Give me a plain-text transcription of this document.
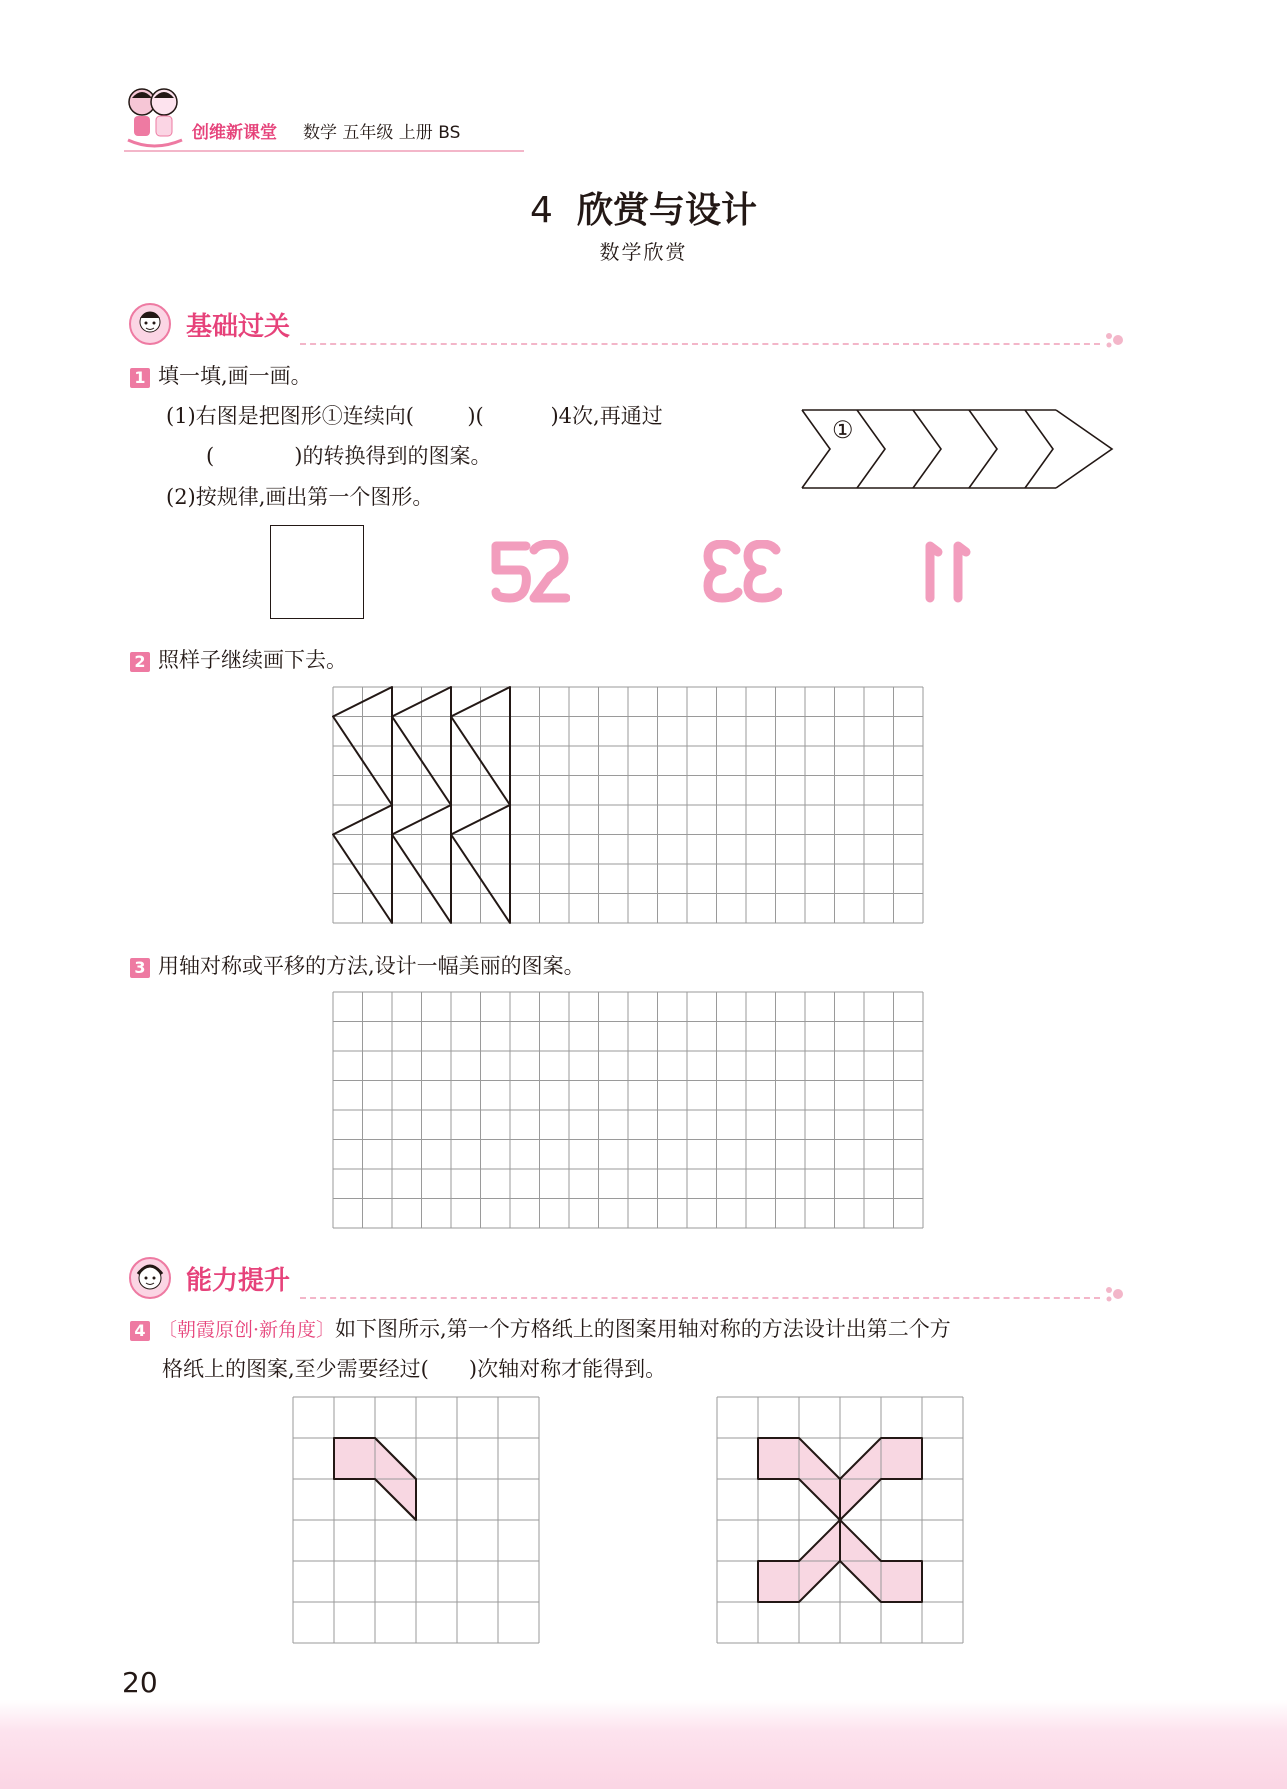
创维新课堂 数学 五年级 上册 BS
4 欣赏与设计
数学欣赏
基础过关
1 填一填,画一画。
(1)右图是把图形①连续向(        )(          )4次,再通过
(            )的转换得到的图案。
(2)按规律,画出第一个图形。
①
2 照样子继续画下去。
3 用轴对称或平移的方法,设计一幅美丽的图案。
能力提升
4 〔朝霞原创·新角度〕如下图所示,第一个方格纸上的图案用轴对称的方法设计出第二个方
格纸上的图案,至少需要经过(      )次轴对称才能得到。
20
